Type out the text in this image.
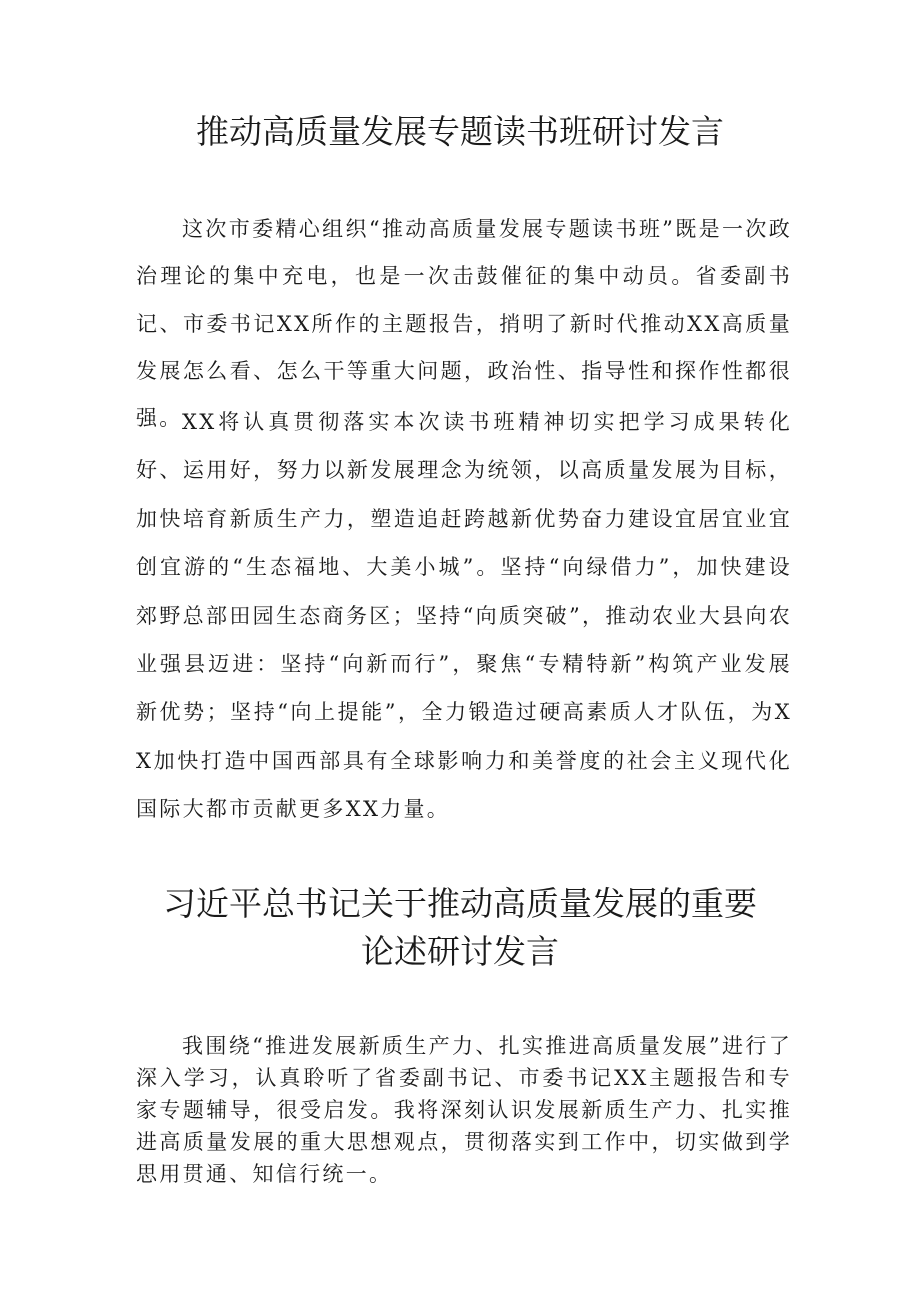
推动高质量发展专题读书班研讨发言

这次市委精心组织“推动高质量发展专题读书班”既是一次政治理论的集中充电，也是一次击鼓催征的集中动员。省委副书记、市委书记XX所作的主题报告，捎明了新时代推动XX高质量发展怎么看、怎么干等重大问题，政治性、指导性和探作性都很强。 XX将认真贯彻落实本次读书班精神切实把学习成果转化好、运用好，努力以新发展理念为统领，以高质量发展为目标，加快培育新质生产力，塑造追赶跨越新优势奋力建设宜居宜业宜创宜游的“生态福地、大美小城”。坚持“向绿借力”，加快建设郊野总部田园生态商务区；坚持“向质突破”，推动农业大县向农业强县迈进：坚持“向新而行”，聚焦“专精特新”构筑产业发展新优势；坚持“向上提能”，全力锻造过硬高素质人才队伍，为XX加快打造中国西部具有全球影响力和美誉度的社会主义现代化国际大都市贡献更多XX力量。

习近平总书记关于推动高质量发展的重要
论述研讨发言

我围绕“推进发展新质生产力、扎实推进高质量发展”进行了深入学习，认真聆听了省委副书记、市委书记XX主题报告和专家专题辅导，很受启发。我将深刻认识发展新质生产力、扎实推进高质量发展的重大思想观点，贯彻落实到工作中，切实做到学思用贯通、知信行统一。
